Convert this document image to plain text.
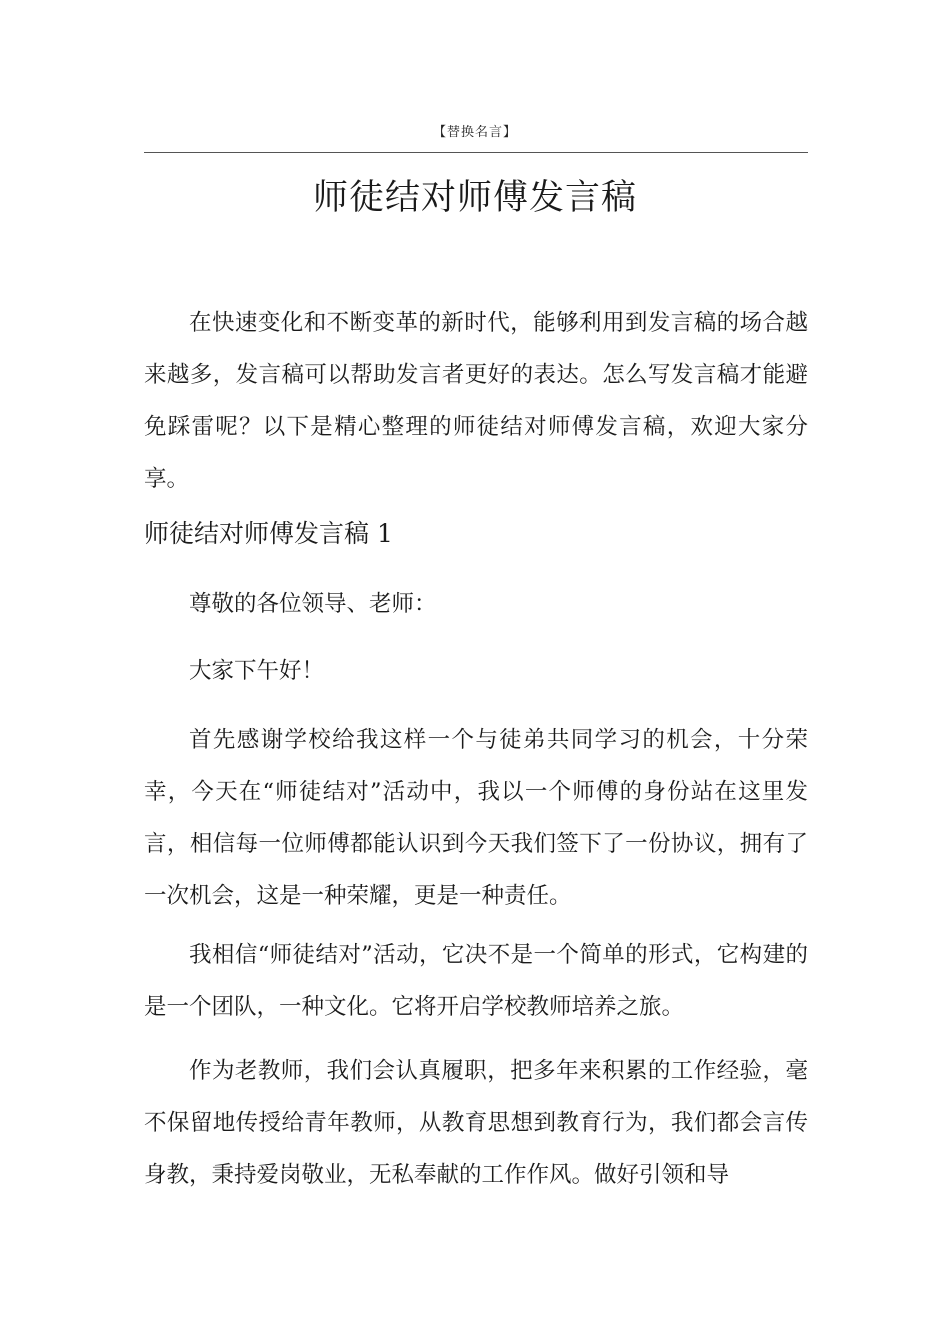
【替换名言】
师徒结对师傅发言稿

在快速变化和不断变革的新时代，能够利用到发言稿的场合越来越多，发言稿可以帮助发言者更好的表达。怎么写发言稿才能避免踩雷呢？以下是精心整理的师徒结对师傅发言稿，欢迎大家分享。

师徒结对师傅发言稿 1

尊敬的各位领导、老师：

大家下午好！

首先感谢学校给我这样一个与徒弟共同学习的机会，十分荣幸，今天在“师徒结对”活动中，我以一个师傅的身份站在这里发言，相信每一位师傅都能认识到今天我们签下了一份协议，拥有了一次机会，这是一种荣耀，更是一种责任。

我相信“师徒结对”活动，它决不是一个简单的形式，它构建的是一个团队，一种文化。它将开启学校教师培养之旅。

作为老教师，我们会认真履职，把多年来积累的工作经验，毫不保留地传授给青年教师，从教育思想到教育行为，我们都会言传身教，秉持爱岗敬业，无私奉献的工作作风。做好引领和导
